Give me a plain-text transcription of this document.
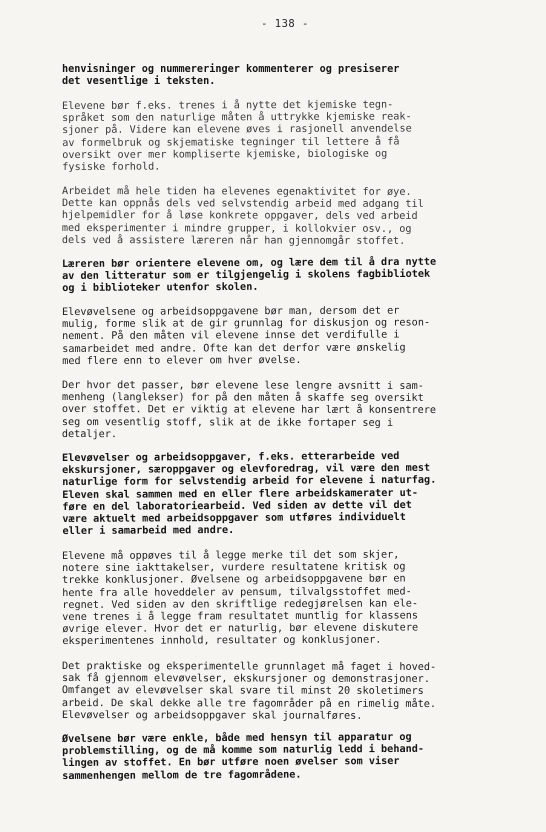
- 138 -
henvisninger og nummereringer kommenterer og presiserer
det vesentlige i teksten.
Elevene bør f.eks. trenes i å nytte det kjemiske tegn-
språket som den naturlige måten å uttrykke kjemiske reak-
sjoner på. Videre kan elevene øves i rasjonell anvendelse
av formelbruk og skjematiske tegninger til lettere å få
oversikt over mer kompliserte kjemiske, biologiske og
fysiske forhold.
Arbeidet må hele tiden ha elevenes egenaktivitet for øye.
Dette kan oppnås dels ved selvstendig arbeid med adgang til
hjelpemidler for å løse konkrete oppgaver, dels ved arbeid
med eksperimenter i mindre grupper, i kollokvier osv., og
dels ved å assistere læreren når han gjennomgår stoffet.
Læreren bør orientere elevene om, og lære dem til å dra nytte
av den litteratur som er tilgjengelig i skolens fagbibliotek
og i biblioteker utenfor skolen.
Elevøvelsene og arbeidsoppgavene bør man, dersom det er
mulig, forme slik at de gir grunnlag for diskusjon og reson-
nement. På den måten vil elevene innse det verdifulle i
samarbeidet med andre. Ofte kan det derfor være ønskelig
med flere enn to elever om hver øvelse.
Der hvor det passer, bør elevene lese lengre avsnitt i sam-
menheng (langlekser) for på den måten å skaffe seg oversikt
over stoffet. Det er viktig at elevene har lært å konsentrere
seg om vesentlig stoff, slik at de ikke fortaper seg i
detaljer.
Elevøvelser og arbeidsoppgaver, f.eks. etterarbeide ved
ekskursjoner, særoppgaver og elevforedrag, vil være den mest
naturlige form for selvstendig arbeid for elevene i naturfag.
Eleven skal sammen med en eller flere arbeidskamerater ut-
føre en del laboratoriearbeid. Ved siden av dette vil det
være aktuelt med arbeidsoppgaver som utføres individuelt
eller i samarbeid med andre.
Elevene må oppøves til å legge merke til det som skjer,
notere sine iakttakelser, vurdere resultatene kritisk og
trekke konklusjoner. Øvelsene og arbeidsoppgavene bør en
hente fra alle hoveddeler av pensum, tilvalgsstoffet med-
regnet. Ved siden av den skriftlige redegjørelsen kan ele-
vene trenes i å legge fram resultatet muntlig for klassens
øvrige elever. Hvor det er naturlig, bør elevene diskutere
eksperimentenes innhold, resultater og konklusjoner.
Det praktiske og eksperimentelle grunnlaget må faget i hoved-
sak få gjennom elevøvelser, ekskursjoner og demonstrasjoner.
Omfanget av elevøvelser skal svare til minst 20 skoletimers
arbeid. De skal dekke alle tre fagområder på en rimelig måte.
Elevøvelser og arbeidsoppgaver skal journalføres.
Øvelsene bør være enkle, både med hensyn til apparatur og
problemstilling, og de må komme som naturlig ledd i behand-
lingen av stoffet. En bør utføre noen øvelser som viser
sammenhengen mellom de tre fagområdene.
